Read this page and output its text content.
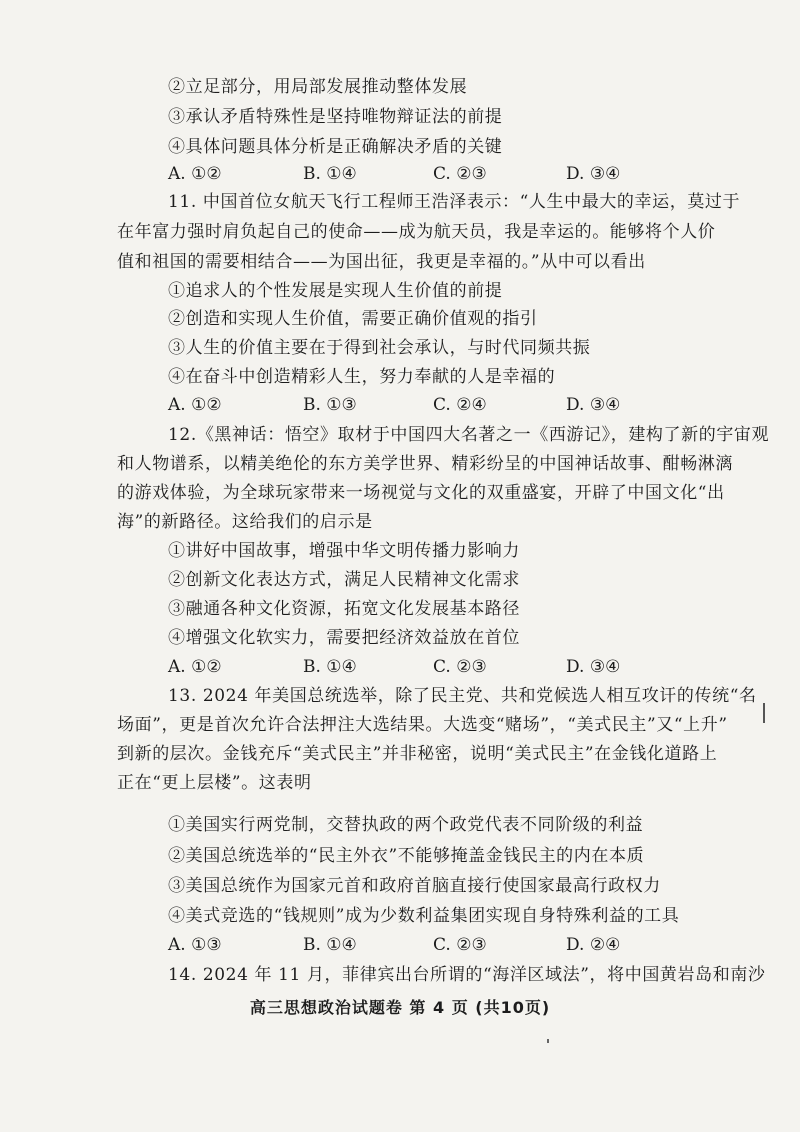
②立足部分，用局部发展推动整体发展
③承认矛盾特殊性是坚持唯物辩证法的前提
④具体问题具体分析是正确解决矛盾的关键
A. ①②	B. ①④	C. ②③	D. ③④
11. 中国首位女航天飞行工程师王浩泽表示：“人生中最大的幸运，莫过于
在年富力强时肩负起自己的使命——成为航天员，我是幸运的。能够将个人价
值和祖国的需要相结合——为国出征，我更是幸福的。”从中可以看出
①追求人的个性发展是实现人生价值的前提
②创造和实现人生价值，需要正确价值观的指引
③人生的价值主要在于得到社会承认，与时代同频共振
④在奋斗中创造精彩人生，努力奉献的人是幸福的
A. ①②	B. ①③	C. ②④	D. ③④
12.《黑神话：悟空》取材于中国四大名著之一《西游记》，建构了新的宇宙观
和人物谱系，以精美绝伦的东方美学世界、精彩纷呈的中国神话故事、酣畅淋漓
的游戏体验，为全球玩家带来一场视觉与文化的双重盛宴，开辟了中国文化“出
海”的新路径。这给我们的启示是
①讲好中国故事，增强中华文明传播力影响力
②创新文化表达方式，满足人民精神文化需求
③融通各种文化资源，拓宽文化发展基本路径
④增强文化软实力，需要把经济效益放在首位
A. ①②	B. ①④	C. ②③	D. ③④
13. 2024 年美国总统选举，除了民主党、共和党候选人相互攻讦的传统“名
场面”，更是首次允许合法押注大选结果。大选变“赌场”，“美式民主”又“上升”
到新的层次。金钱充斥“美式民主”并非秘密，说明“美式民主”在金钱化道路上
正在“更上层楼”。这表明
①美国实行两党制，交替执政的两个政党代表不同阶级的利益
②美国总统选举的“民主外衣”不能够掩盖金钱民主的内在本质
③美国总统作为国家元首和政府首脑直接行使国家最高行政权力
④美式竞选的“钱规则”成为少数利益集团实现自身特殊利益的工具
A. ①③	B. ①④	C. ②③	D. ②④
14. 2024 年 11 月，菲律宾出台所谓的“海洋区域法”，将中国黄岩岛和南沙
高三思想政治试题卷 第 4 页 (共10页)
